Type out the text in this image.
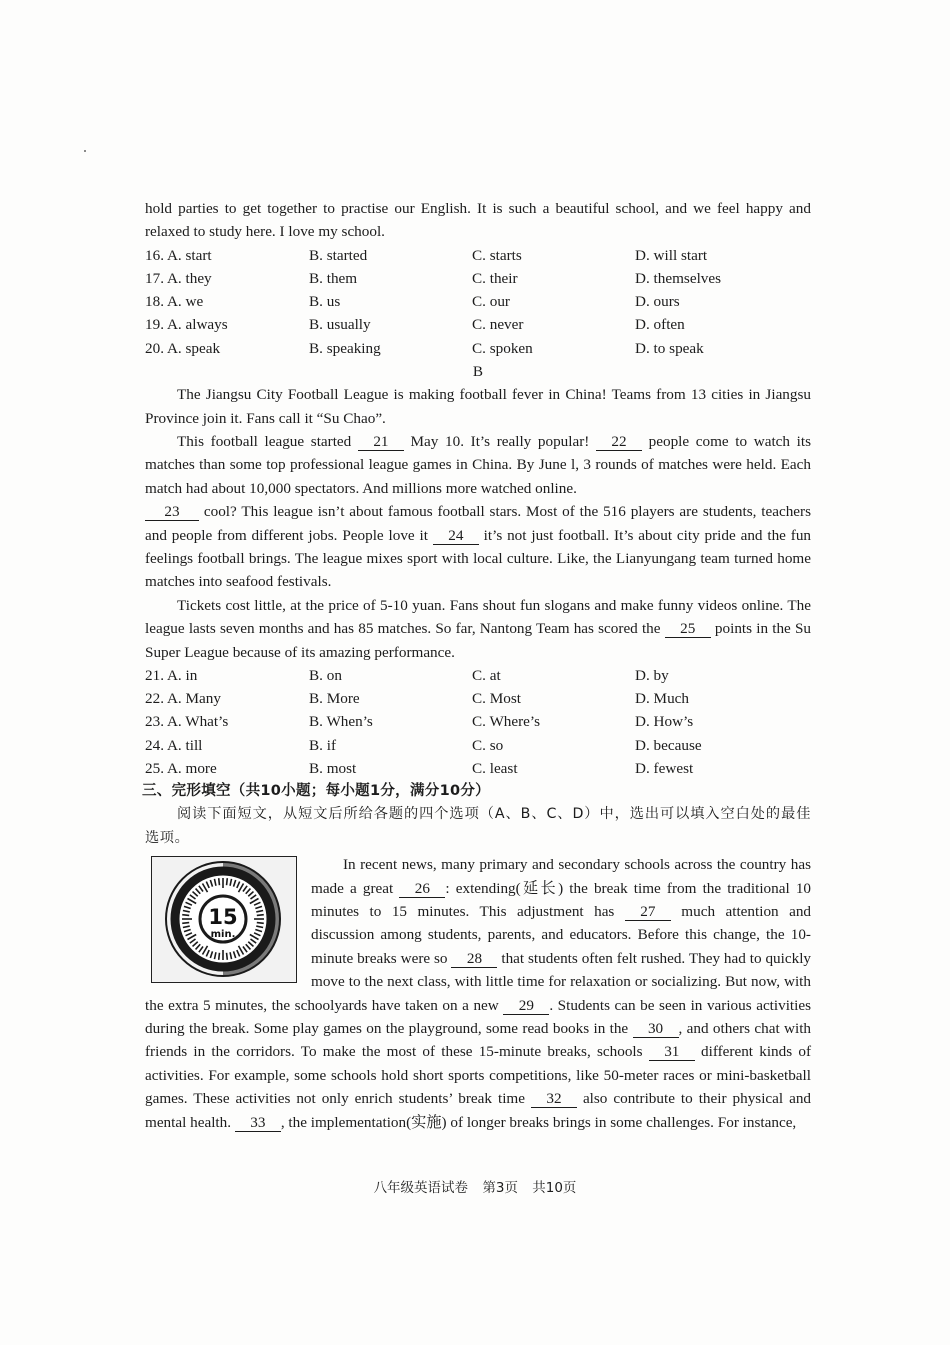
hold parties to get together to practise our English. It is such a beautiful school, and we feel happy and relaxed to study here. I love my school.

16. A. start	B. started	C. starts	D. will start
17. A. they	B. them	C. their	D. themselves
18. A. we	B. us	C. our	D. ours
19. A. always	B. usually	C. never	D. often
20. A. speak	B. speaking	C. spoken	D. to speak
B

The Jiangsu City Football League is making football fever in China! Teams from 13 cities in Jiangsu Province join it. Fans call it “Su Chao”.

This football league started 21 May 10. It’s really popular! 22 people come to watch its matches than some top professional league games in China. By June l, 3 rounds of matches were held. Each match had about 10,000 spectators. And millions more watched online.

23 cool? This league isn’t about famous football stars. Most of the 516 players are students, teachers and people from different jobs. People love it 24 it’s not just football. It’s about city pride and the fun feelings football brings. The league mixes sport with local culture. Like, the Lianyungang team turned home matches into seafood festivals.

Tickets cost little, at the price of 5-10 yuan. Fans shout fun slogans and make funny videos online. The league lasts seven months and has 85 matches. So far, Nantong Team has scored the 25 points in the Su Super League because of its amazing performance.

21. A. in	B. on	C. at	D. by
22. A. Many	B. More	C. Most	D. Much
23. A. What’s	B. When’s	C. Where’s	D. How’s
24. A. till	B. if	C. so	D. because
25. A. more	B. most	C. least	D. fewest
三、完形填空（共10小题；每小题1分，满分10分）

阅读下面短文，从短文后所给各题的四个选项（A、B、C、D）中，选出可以填入空白处的最佳选项。

15
min.
In recent news, many primary and secondary schools across the country has made a great 26 : extending(延长) the break time from the traditional 10 minutes to 15 minutes. This adjustment has 27 much attention and discussion among students, parents, and educators. Before this change, the 10-minute breaks were so 28 that students often felt rushed. They had to quickly move to the next class, with little time for relaxation or socializing. But now, with the extra 5 minutes, the schoolyards have taken on a new 29 . Students can be seen in various activities during the break. Some play games on the playground, some read books in the 30 , and others chat with friends in the corridors. To make the most of these 15-minute breaks, schools 31 different kinds of activities. For example, some schools hold short sports competitions, like 50-meter races or mini-basketball games. These activities not only enrich students’ break time 32 also contribute to their physical and mental health. 33 , the implementation(实施) of longer breaks brings in some challenges. For instance,

八年级英语试卷 第3页 共10页
